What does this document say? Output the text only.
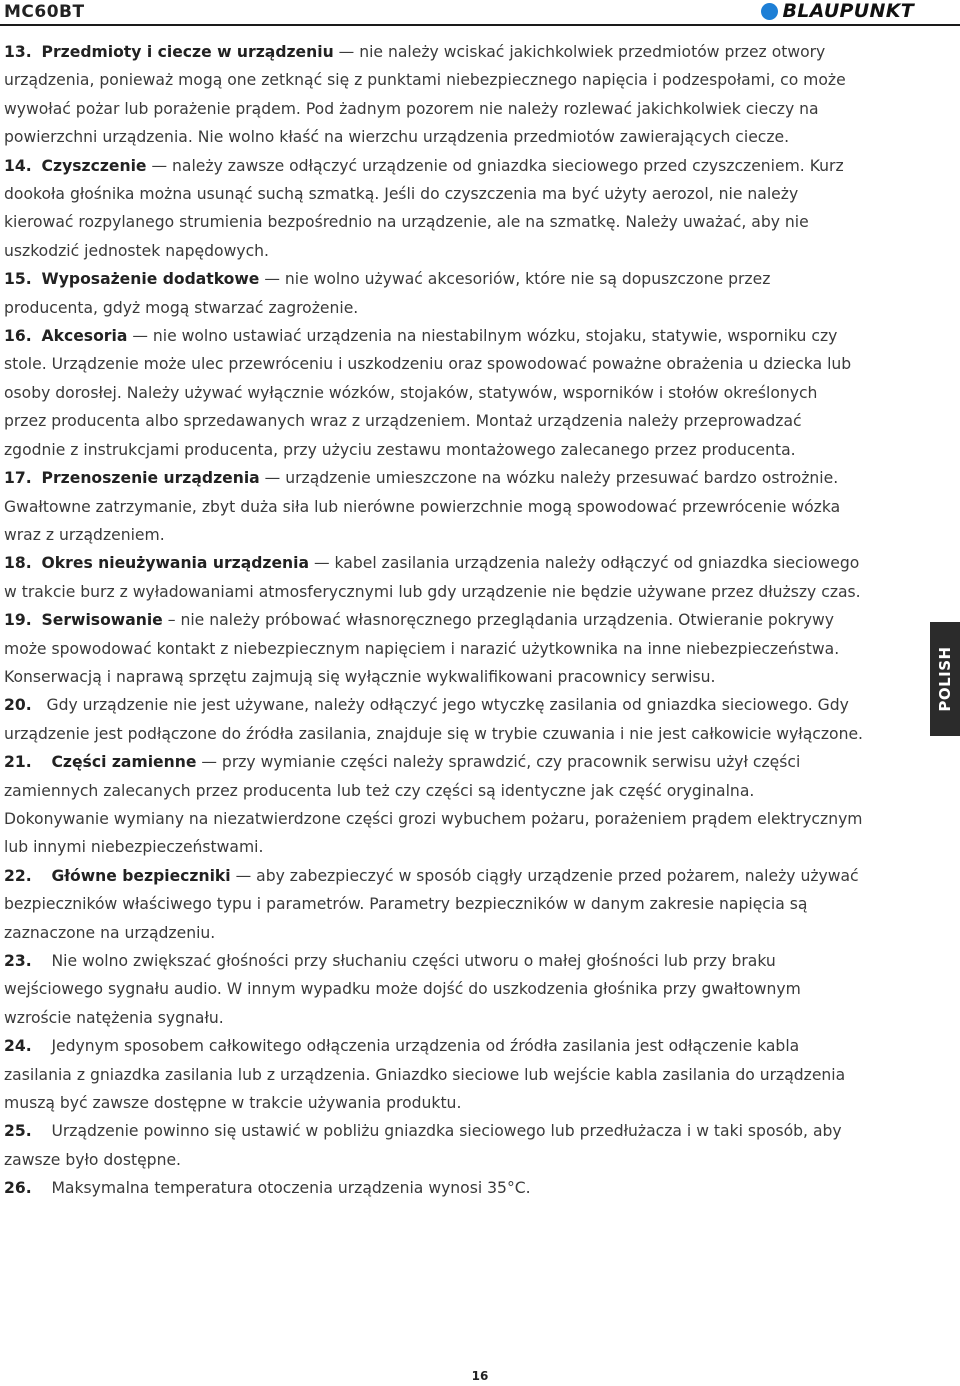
MC60BT	BLAUPUNKT

13. Przedmioty i ciecze w urządzeniu — nie należy wciskać jakichkolwiek przedmiotów przez otwory urządzenia, ponieważ mogą one zetknąć się z punktami niebezpiecznego napięcia i podzespołami, co może wywołać pożar lub porażenie prądem. Pod żadnym pozorem nie należy rozlewać jakichkolwiek cieczy na powierzchni urządzenia. Nie wolno kłaść na wierzchu urządzenia przedmiotów zawierających ciecze.

14. Czyszczenie — należy zawsze odłączyć urządzenie od gniazdka sieciowego przed czyszczeniem. Kurz dookoła głośnika można usunąć suchą szmatką. Jeśli do czyszczenia ma być użyty aerozol, nie należy kierować rozpylanego strumienia bezpośrednio na urządzenie, ale na szmatkę. Należy uważać, aby nie uszkodzić jednostek napędowych.

15. Wyposażenie dodatkowe — nie wolno używać akcesoriów, które nie są dopuszczone przez producenta, gdyż mogą stwarzać zagrożenie.

16. Akcesoria — nie wolno ustawiać urządzenia na niestabilnym wózku, stojaku, statywie, wsporniku czy stole. Urządzenie może ulec przewróceniu i uszkodzeniu oraz spowodować poważne obrażenia u dziecka lub osoby dorosłej. Należy używać wyłącznie wózków, stojaków, statywów, wsporników i stołów określonych przez producenta albo sprzedawanych wraz z urządzeniem. Montaż urządzenia należy przeprowadzać zgodnie z instrukcjami producenta, przy użyciu zestawu montażowego zalecanego przez producenta.

17. Przenoszenie urządzenia — urządzenie umieszczone na wózku należy przesuwać bardzo ostrożnie. Gwałtowne zatrzymanie, zbyt duża siła lub nierówne powierzchnie mogą spowodować przewrócenie wózka wraz z urządzeniem.

18. Okres nieużywania urządzenia — kabel zasilania urządzenia należy odłączyć od gniazdka sieciowego w trakcie burz z wyładowaniami atmosferycznymi lub gdy urządzenie nie będzie używane przez dłuższy czas.

19. Serwisowanie – nie należy próbować własnoręcznego przeglądania urządzenia. Otwieranie pokrywy może spowodować kontakt z niebezpiecznym napięciem i narazić użytkownika na inne niebezpieczeństwa. Konserwacją i naprawą sprzętu zajmują się wyłącznie wykwalifikowani pracownicy serwisu.

20. Gdy urządzenie nie jest używane, należy odłączyć jego wtyczkę zasilania od gniazdka sieciowego. Gdy urządzenie jest podłączone do źródła zasilania, znajduje się w trybie czuwania i nie jest całkowicie wyłączone.

21. Części zamienne — przy wymianie części należy sprawdzić, czy pracownik serwisu użył części zamiennych zalecanych przez producenta lub też czy części są identyczne jak część oryginalna. Dokonywanie wymiany na niezatwierdzone części grozi wybuchem pożaru, porażeniem prądem elektrycznym lub innymi niebezpieczeństwami.

22. Główne bezpieczniki — aby zabezpieczyć w sposób ciągły urządzenie przed pożarem, należy używać bezpieczników właściwego typu i parametrów. Parametry bezpieczników w danym zakresie napięcia są zaznaczone na urządzeniu.

23. Nie wolno zwiększać głośności przy słuchaniu części utworu o małej głośności lub przy braku wejściowego sygnału audio. W innym wypadku może dojść do uszkodzenia głośnika przy gwałtownym wzroście natężenia sygnału.

24. Jedynym sposobem całkowitego odłączenia urządzenia od źródła zasilania jest odłączenie kabla zasilania z gniazdka zasilania lub z urządzenia. Gniazdko sieciowe lub wejście kabla zasilania do urządzenia muszą być zawsze dostępne w trakcie używania produktu.

25. Urządzenie powinno się ustawić w pobliżu gniazdka sieciowego lub przedłużacza i w taki sposób, aby zawsze było dostępne.

26. Maksymalna temperatura otoczenia urządzenia wynosi 35°C.

POLISH
16
